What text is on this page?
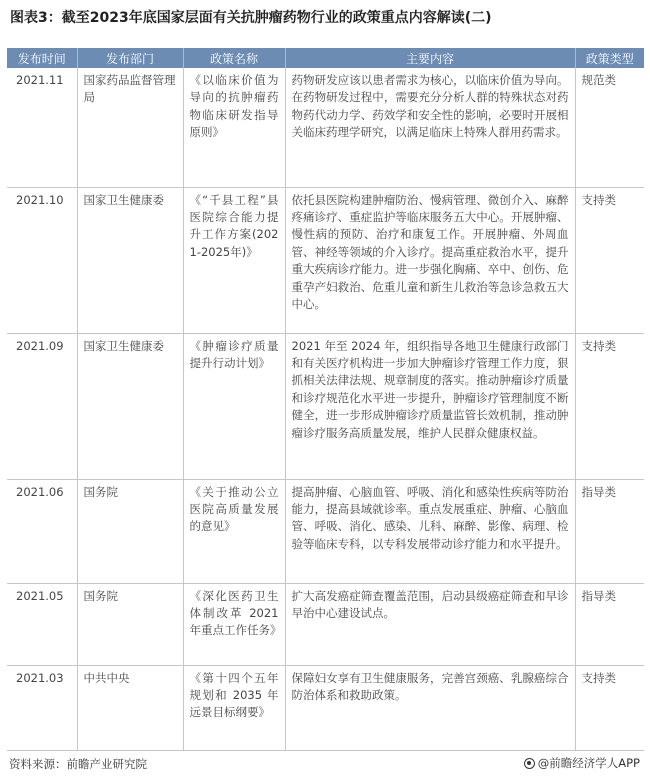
图表3：截至2023年底国家层面有关抗肿瘤药物行业的政策重点内容解读(二)
发布时间	发布部门	政策名称	主要内容	政策类型
2021.11	国家药品监督管理局	《以临床价值为导向的抗肿瘤药物临床研发指导原则》	药物研发应该以患者需求为核心，以临床价值为导向。在药物研发过程中，需要充分分析人群的特殊状态对药物药代动力学、药效学和安全性的影响，必要时开展相关临床药理学研究，以满足临床上特殊人群用药需求。	规范类
2021.10	国家卫生健康委	《“千县工程”县医院综合能力提升工作方案(2021-2025年)》	依托县医院构建肿瘤防治、慢病管理、微创介入、麻醉疼痛诊疗、重症监护等临床服务五大中心。开展肿瘤、慢性病的预防、治疗和康复工作。开展肿瘤、外周血管、神经等领域的介入诊疗。提高重症救治水平，提升重大疾病诊疗能力。进一步强化胸痛、卒中、创伤、危重孕产妇救治、危重儿童和新生儿救治等急诊急救五大中心。	支持类
2021.09	国家卫生健康委	《肿瘤诊疗质量提升行动计划》	2021 年至 2024 年，组织指导各地卫生健康行政部门和有关医疗机构进一步加大肿瘤诊疗管理工作力度，狠抓相关法律法规、规章制度的落实。推动肿瘤诊疗质量和诊疗规范化水平进一步提升，肿瘤诊疗管理制度不断健全，进一步形成肿瘤诊疗质量监管长效机制，推动肿瘤诊疗服务高质量发展，维护人民群众健康权益。	支持类
2021.06	国务院	《关于推动公立医院高质量发展的意见》	提高肿瘤、心脑血管、呼吸、消化和感染性疾病等防治能力，提高县域就诊率。重点发展重症、肿瘤、心脑血管、呼吸、消化、感染、儿科、麻醉、影像、病理、检验等临床专科，以专科发展带动诊疗能力和水平提升。	指导类
2021.05	国务院	《深化医药卫生体制改革 2021 年重点工作任务》	扩大高发癌症筛查覆盖范围，启动县级癌症筛查和早诊早治中心建设试点。	指导类
2021.03	中共中央	《第十四个五年规划和 2035 年远景目标纲要》	保障妇女享有卫生健康服务，完善宫颈癌、乳腺癌综合防治体系和救助政策。	支持类
资料来源：前瞻产业研究院	@前瞻经济学人APP
